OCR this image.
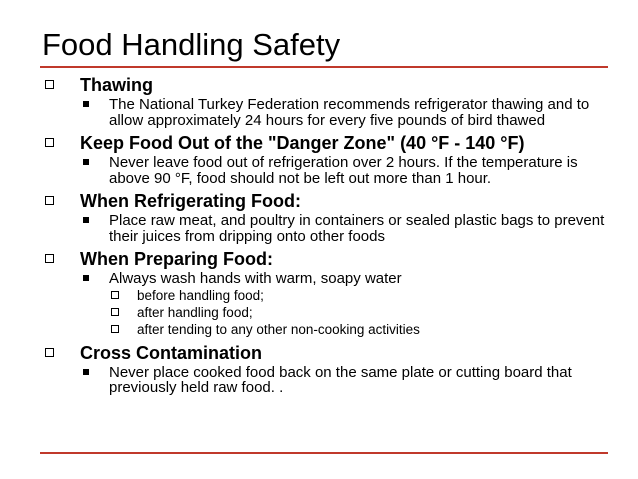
Food Handling Safety
Thawing
The National Turkey Federation recommends refrigerator thawing and to allow approximately 24 hours for every five pounds of bird thawed
Keep Food Out of the "Danger Zone" (40 °F - 140 °F)
Never leave food out of refrigeration over 2 hours. If the temperature is above 90 °F, food should not be left out more than 1 hour.
When Refrigerating Food:
Place raw meat, and poultry in containers or sealed plastic bags to prevent their juices from dripping onto other foods
When Preparing Food:
Always wash hands with warm, soapy water
before handling food;
after handling food;
after tending to any other non-cooking activities
Cross Contamination
Never place cooked food back on the same plate or cutting board that previously held raw food. .
